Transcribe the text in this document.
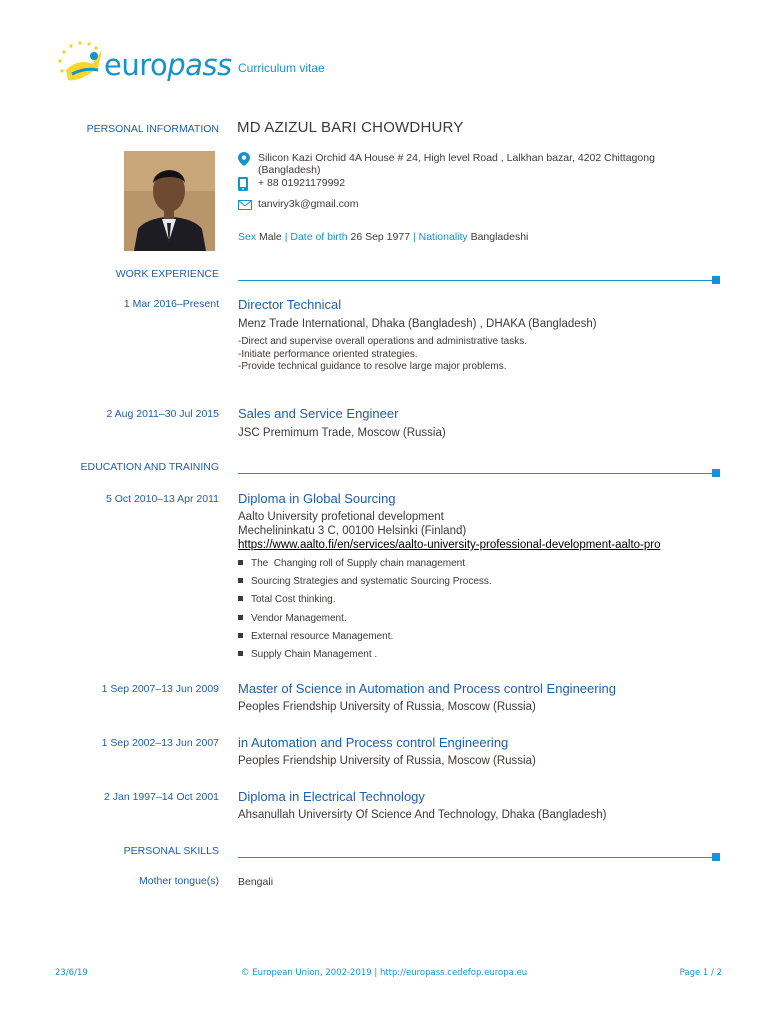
europass Curriculum vitae
PERSONAL INFORMATION MD AZIZUL BARI CHOWDHURY
Silicon Kazi Orchid 4A House # 24, High level Road , Lalkhan bazar, 4202 Chittagong (Bangladesh)
+ 88 01921179992
tanviry3k@gmail.com
Sex Male | Date of birth 26 Sep 1977 | Nationality Bangladeshi
WORK EXPERIENCE
1 Mar 2016–Present Director Technical
Menz Trade International, Dhaka (Bangladesh) , DHAKA (Bangladesh)
-Direct and supervise overall operations and administrative tasks.
-Initiate performance oriented strategies.
-Provide technical guidance to resolve large major problems.
2 Aug 2011–30 Jul 2015 Sales and Service Engineer
JSC Premimum Trade, Moscow (Russia)
EDUCATION AND TRAINING
5 Oct 2010–13 Apr 2011 Diploma in Global Sourcing
Aalto University profetional development
Mechelininkatu 3 C, 00100 Helsinki (Finland)
https://www.aalto.fi/en/services/aalto-university-professional-development-aalto-pro
The  Changing roll of Supply chain management
Sourcing Strategies and systematic Sourcing Process.
Total Cost thinking.
Vendor Management.
External resource Management.
Supply Chain Management .
1 Sep 2007–13 Jun 2009 Master of Science in Automation and Process control Engineering
Peoples Friendship University of Russia, Moscow (Russia)
1 Sep 2002–13 Jun 2007 in Automation and Process control Engineering
Peoples Friendship University of Russia, Moscow (Russia)
2 Jan 1997–14 Oct 2001 Diploma in Electrical Technology
Ahsanullah Universirty Of Science And Technology, Dhaka (Bangladesh)
PERSONAL SKILLS
Mother tongue(s) Bengali
23/6/19	© European Union, 2002-2019 | http://europass.cedefop.europa.eu	Page 1 / 2
